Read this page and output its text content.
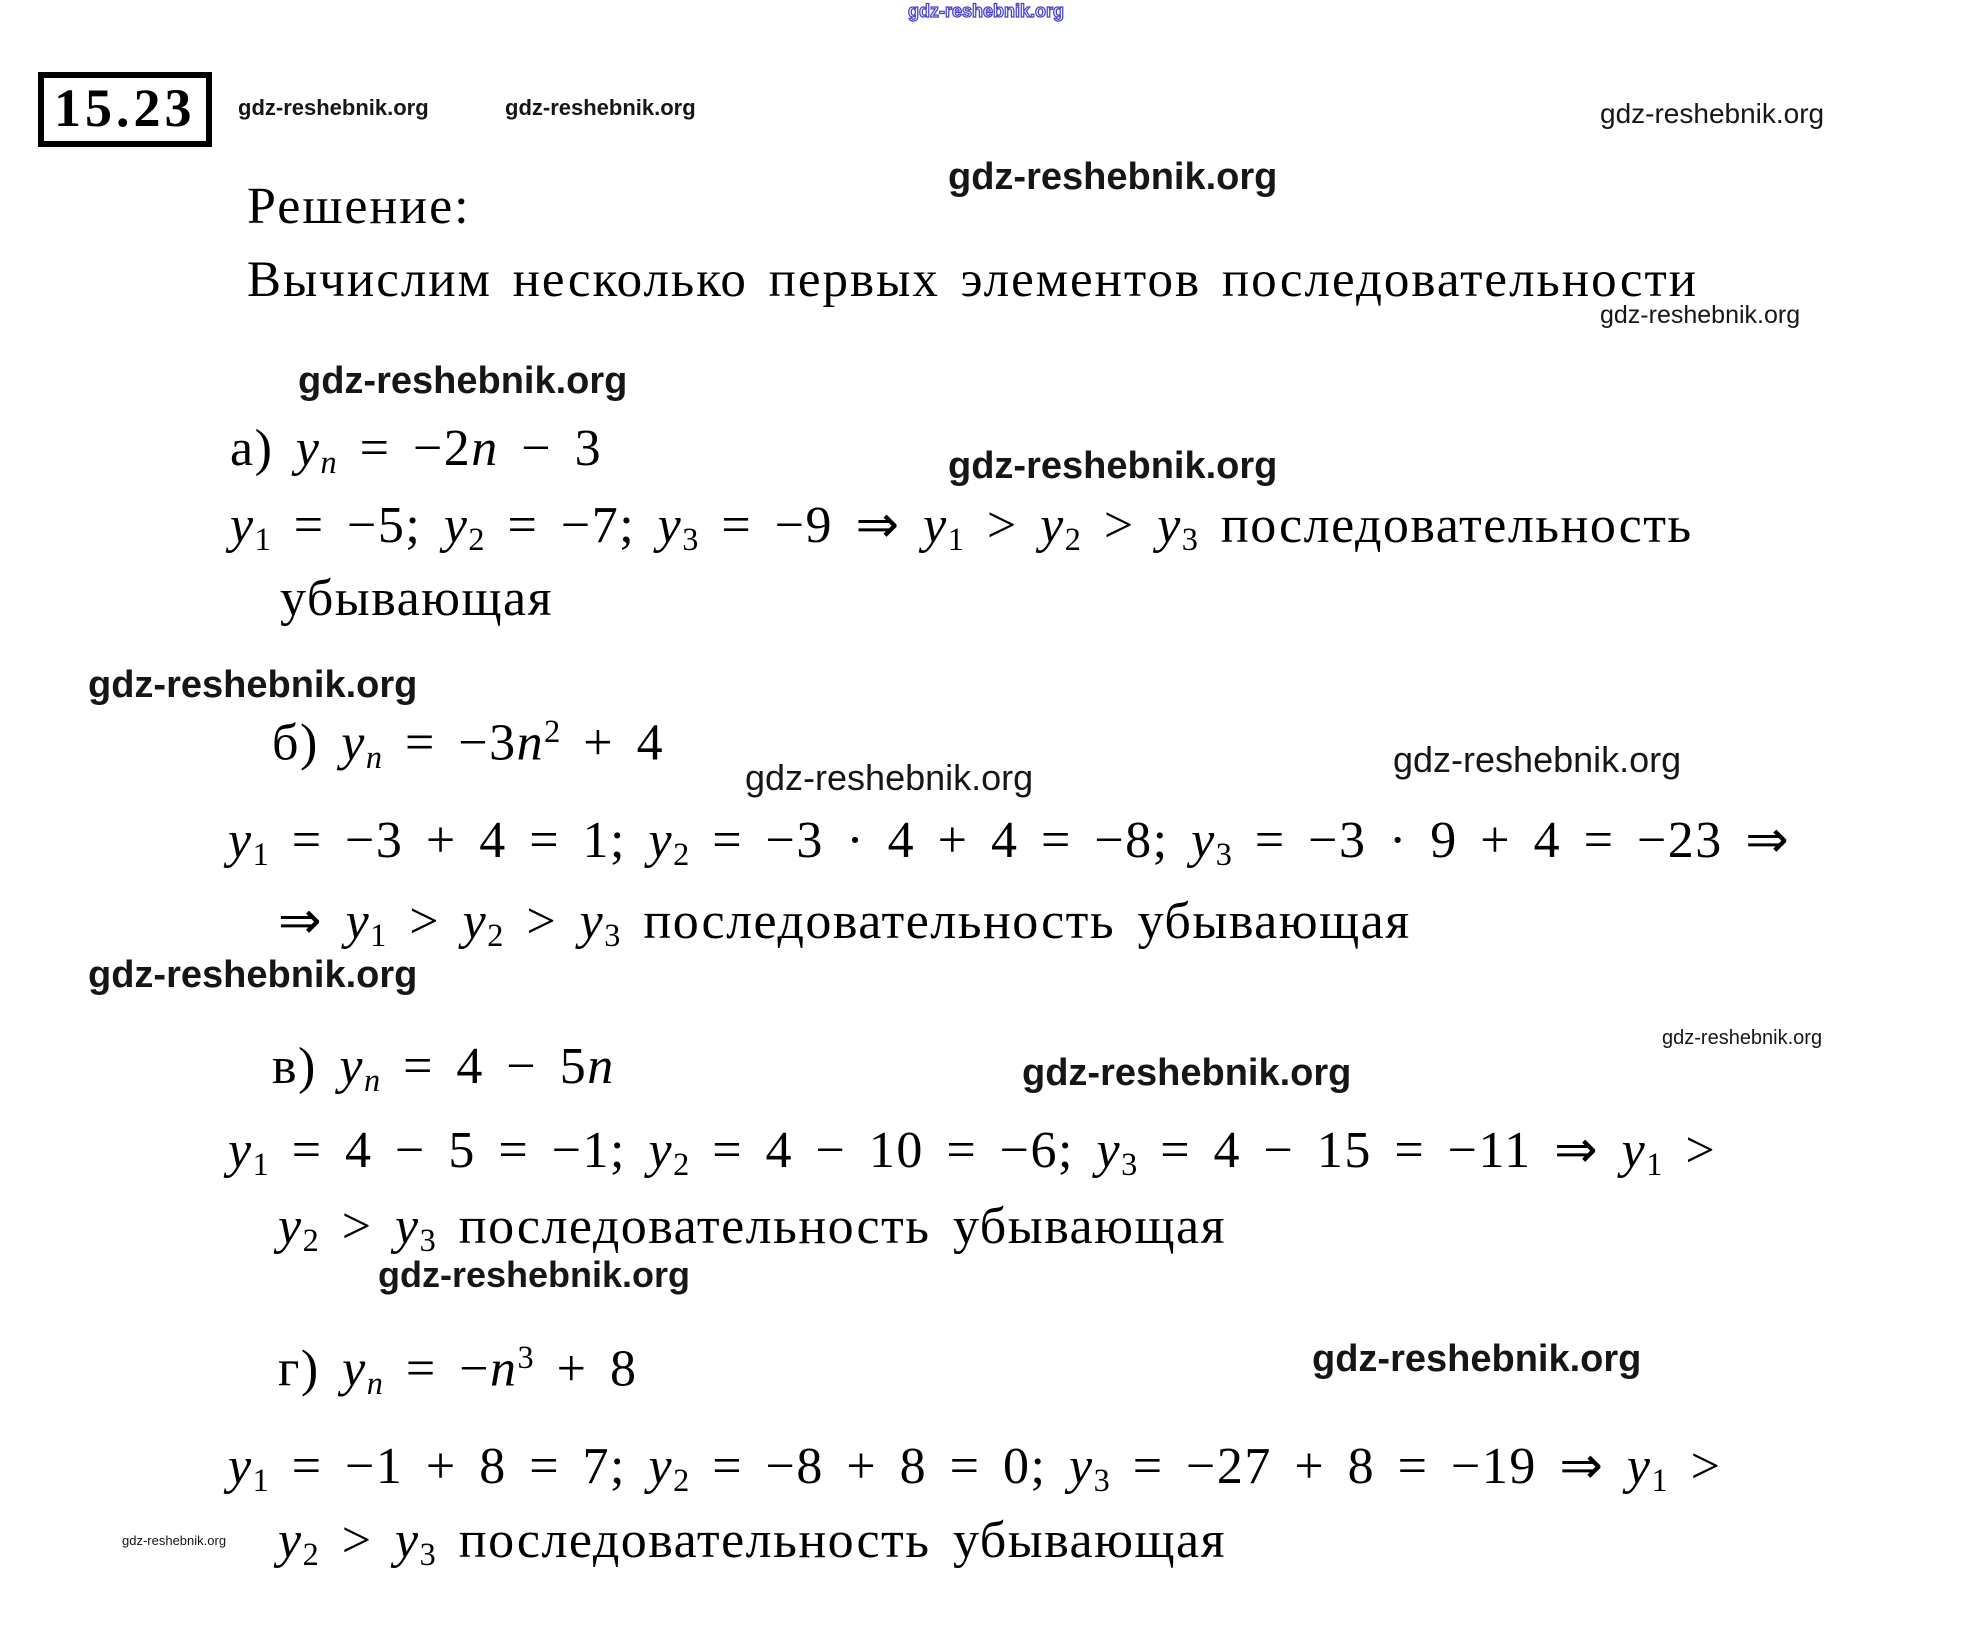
gdz-reshebnik.org
15.23	gdz-reshebnik.org	gdz-reshebnik.org	gdz-reshebnik.org
Решение:
gdz-reshebnik.org
Вычислим несколько первых элементов последовательности
gdz-reshebnik.org
gdz-reshebnik.org
а) $y_n = -2n - 3$	gdz-reshebnik.org
$y_1 = -5$; $y_2 = -7$; $y_3 = -9$ ⇒ $y_1 > y_2 > y_3$ последовательность
убывающая
gdz-reshebnik.org
б) $y_n = -3n^2 + 4$
gdz-reshebnik.org	gdz-reshebnik.org
$y_1 = -3 + 4 = 1$; $y_2 = -3 \cdot 4 + 4 = -8$; $y_3 = -3 \cdot 9 + 4 = -23$ ⇒
⇒ $y_1 > y_2 > y_3$ последовательность убывающая
gdz-reshebnik.org
в) $y_n = 4 - 5n$	gdz-reshebnik.org
gdz-reshebnik.org
$y_1 = 4 - 5 = -1$; $y_2 = 4 - 10 = -6$; $y_3 = 4 - 15 = -11$ ⇒ $y_1$ >
$y_2 > y_3$ последовательность убывающая
gdz-reshebnik.org
г) $y_n = -n^3 + 8$	gdz-reshebnik.org
$y_1 = -1 + 8 = 7$; $y_2 = -8 + 8 = 0$; $y_3 = -27 + 8 = -19$ ⇒ $y_1$ >
$y_2 > y_3$ последовательность убывающая
gdz-reshebnik.org
